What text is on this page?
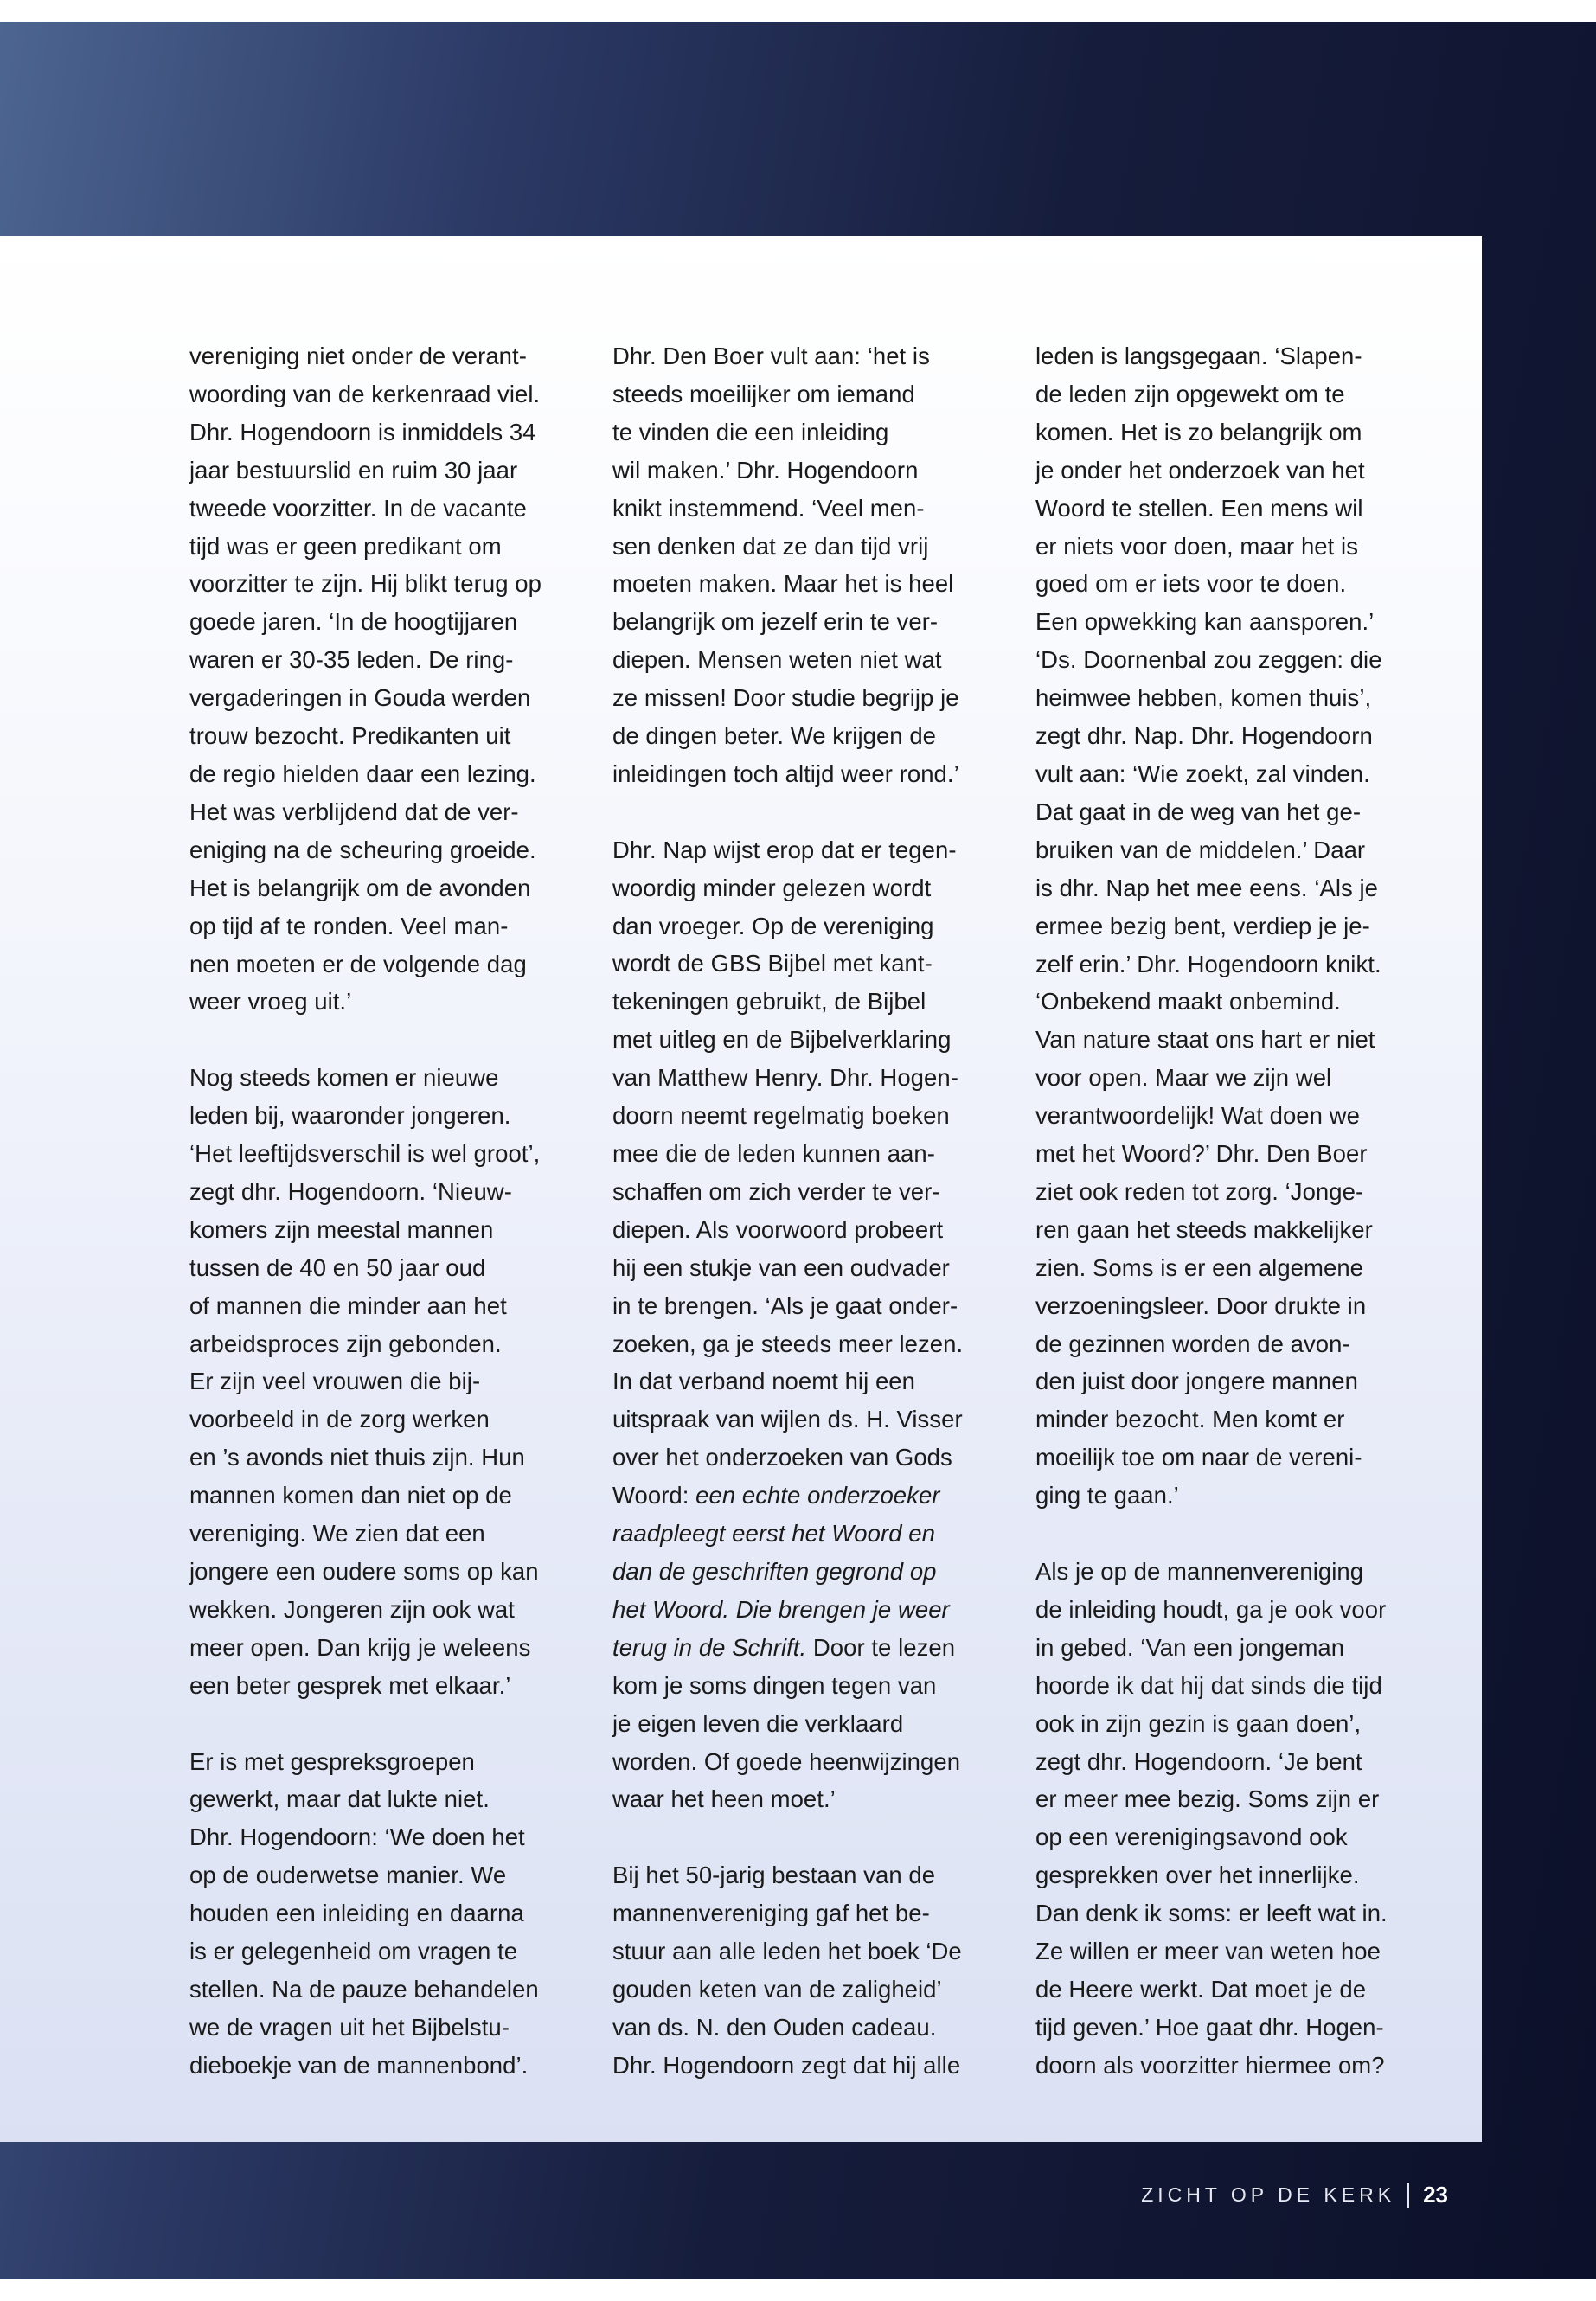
vereniging niet onder de verant-
woording van de kerkenraad viel.
Dhr. Hogendoorn is inmiddels 34
jaar bestuurslid en ruim 30 jaar
tweede voorzitter. In de vacante
tijd was er geen predikant om
voorzitter te zijn. Hij blikt terug op
goede jaren. ‘In de hoogtijjaren
waren er 30-35 leden. De ring-
vergaderingen in Gouda werden
trouw bezocht. Predikanten uit
de regio hielden daar een lezing.
Het was verblijdend dat de ver-
eniging na de scheuring groeide.
Het is belangrijk om de avonden
op tijd af te ronden. Veel man-
nen moeten er de volgende dag
weer vroeg uit.’

Nog steeds komen er nieuwe
leden bij, waaronder jongeren.
‘Het leeftijdsverschil is wel groot’,
zegt dhr. Hogendoorn. ‘Nieuw-
komers zijn meestal mannen
tussen de 40 en 50 jaar oud
of mannen die minder aan het
arbeidsproces zijn gebonden.
Er zijn veel vrouwen die bij-
voorbeeld in de zorg werken
en ’s avonds niet thuis zijn. Hun
mannen komen dan niet op de
vereniging. We zien dat een
jongere een oudere soms op kan
wekken. Jongeren zijn ook wat
meer open. Dan krijg je weleens
een beter gesprek met elkaar.’

Er is met gespreksgroepen
gewerkt, maar dat lukte niet.
Dhr. Hogendoorn: ‘We doen het
op de ouderwetse manier. We
houden een inleiding en daarna
is er gelegenheid om vragen te
stellen. Na de pauze behandelen
we de vragen uit het Bijbelstu-
dieboekje van de mannenbond’.

Dhr. Den Boer vult aan: ‘het is
steeds moeilijker om iemand
te vinden die een inleiding
wil maken.’ Dhr. Hogendoorn
knikt instemmend. ‘Veel men-
sen denken dat ze dan tijd vrij
moeten maken. Maar het is heel
belangrijk om jezelf erin te ver-
diepen. Mensen weten niet wat
ze missen! Door studie begrijp je
de dingen beter. We krijgen de
inleidingen toch altijd weer rond.’

Dhr. Nap wijst erop dat er tegen-
woordig minder gelezen wordt
dan vroeger. Op de vereniging
wordt de GBS Bijbel met kant-
tekeningen gebruikt, de Bijbel
met uitleg en de Bijbelverklaring
van Matthew Henry. Dhr. Hogen-
doorn neemt regelmatig boeken
mee die de leden kunnen aan-
schaffen om zich verder te ver-
diepen. Als voorwoord probeert
hij een stukje van een oudvader
in te brengen. ‘Als je gaat onder-
zoeken, ga je steeds meer lezen.
In dat verband noemt hij een
uitspraak van wijlen ds. H. Visser
over het onderzoeken van Gods
Woord: een echte onderzoeker
raadpleegt eerst het Woord en
dan de geschriften gegrond op
het Woord. Die brengen je weer
terug in de Schrift. Door te lezen
kom je soms dingen tegen van
je eigen leven die verklaard
worden. Of goede heenwijzingen
waar het heen moet.’

Bij het 50-jarig bestaan van de
mannenvereniging gaf het be-
stuur aan alle leden het boek ‘De
gouden keten van de zaligheid’
van ds. N. den Ouden cadeau.
Dhr. Hogendoorn zegt dat hij alle

leden is langsgegaan. ‘Slapen-
de leden zijn opgewekt om te
komen. Het is zo belangrijk om
je onder het onderzoek van het
Woord te stellen. Een mens wil
er niets voor doen, maar het is
goed om er iets voor te doen.
Een opwekking kan aansporen.’
‘Ds. Doornenbal zou zeggen: die
heimwee hebben, komen thuis’,
zegt dhr. Nap. Dhr. Hogendoorn
vult aan: ‘Wie zoekt, zal vinden.
Dat gaat in de weg van het ge-
bruiken van de middelen.’ Daar
is dhr. Nap het mee eens. ‘Als je
ermee bezig bent, verdiep je je-
zelf erin.’ Dhr. Hogendoorn knikt.
‘Onbekend maakt onbemind.
Van nature staat ons hart er niet
voor open. Maar we zijn wel
verantwoordelijk! Wat doen we
met het Woord?’ Dhr. Den Boer
ziet ook reden tot zorg. ‘Jonge-
ren gaan het steeds makkelijker
zien. Soms is er een algemene
verzoeningsleer. Door drukte in
de gezinnen worden de avon-
den juist door jongere mannen
minder bezocht. Men komt er
moeilijk toe om naar de vereni-
ging te gaan.’

Als je op de mannenvereniging
de inleiding houdt, ga je ook voor
in gebed. ‘Van een jongeman
hoorde ik dat hij dat sinds die tijd
ook in zijn gezin is gaan doen’,
zegt dhr. Hogendoorn. ‘Je bent
er meer mee bezig. Soms zijn er
op een verenigingsavond ook
gesprekken over het innerlijke.
Dan denk ik soms: er leeft wat in.
Ze willen er meer van weten hoe
de Heere werkt. Dat moet je de
tijd geven.’ Hoe gaat dhr. Hogen-
doorn als voorzitter hiermee om?

ZICHT OP DE KERK 23
